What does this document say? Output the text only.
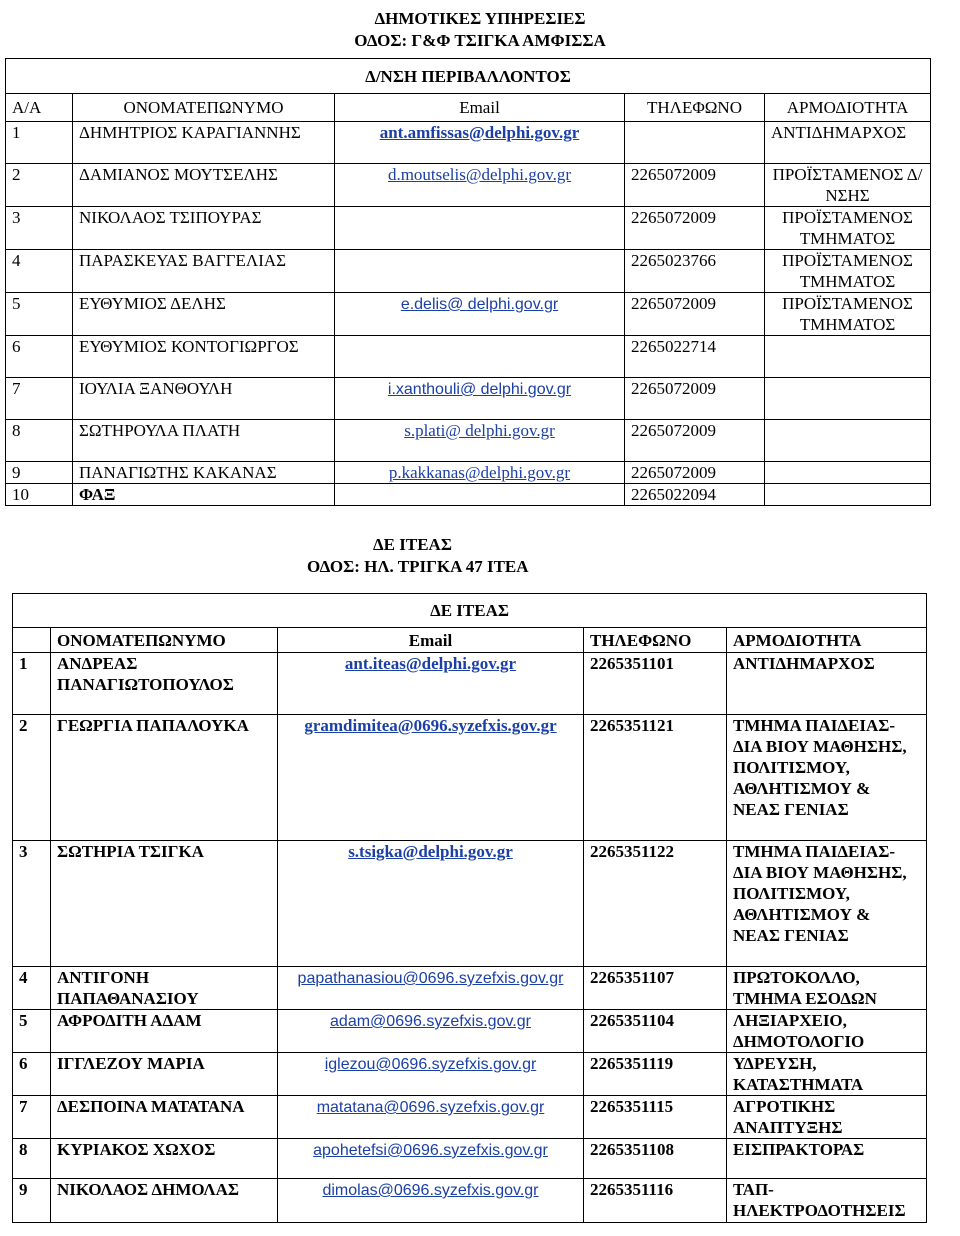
ΔΗΜΟΤΙΚΕΣ ΥΠΗΡΕΣΙΕΣ
ΟΔΟΣ: Γ&Φ ΤΣΙΓΚΑ ΑΜΦΙΣΣΑ
Δ/ΝΣΗ ΠΕΡΙΒΑΛΛΟΝΤΟΣ				
Α/Α	ΟΝΟΜΑΤΕΠΩΝΥΜΟ	Email	ΤΗΛΕΦΩΝΟ	ΑΡΜΟΔΙΟΤΗΤΑ
1	ΔΗΜΗΤΡΙΟΣ ΚΑΡΑΓΙΑΝΝΗΣ	ant.amfissas@delphi.gov.gr		ΑΝΤΙΔΗΜΑΡΧΟΣ
2	ΔΑΜΙΑΝΟΣ ΜΟΥΤΣΕΛΗΣ	d.moutselis@delphi.gov.gr	2265072009	ΠΡΟΪΣΤΑΜΕΝΟΣ Δ/ΝΣΗΣ
3	ΝΙΚΟΛΑΟΣ ΤΣΙΠΟΥΡΑΣ		2265072009	ΠΡΟΪΣΤΑΜΕΝΟΣ ΤΜΗΜΑΤΟΣ
4	ΠΑΡΑΣΚΕΥΑΣ ΒΑΓΓΕΛΙΑΣ		2265023766	ΠΡΟΪΣΤΑΜΕΝΟΣ ΤΜΗΜΑΤΟΣ
5	ΕΥΘΥΜΙΟΣ ΔΕΛΗΣ	e.delis@ delphi.gov.gr	2265072009	ΠΡΟΪΣΤΑΜΕΝΟΣ ΤΜΗΜΑΤΟΣ
6	ΕΥΘΥΜΙΟΣ ΚΟΝΤΟΓΙΩΡΓΟΣ		2265022714	
7	ΙΟΥΛΙΑ ΞΑΝΘΟΥΛΗ	i.xanthouli@ delphi.gov.gr	2265072009	
8	ΣΩΤΗΡΟΥΛΑ ΠΛΑΤΗ	s.plati@ delphi.gov.gr	2265072009	
9	ΠΑΝΑΓΙΩΤΗΣ ΚΑΚΑΝΑΣ	p.kakkanas@delphi.gov.gr	2265072009	
10	ΦΑΞ		2265022094	
ΔΕ ΙΤΕΑΣ
ΟΔΟΣ: ΗΛ. ΤΡΙΓΚΑ 47 ΙΤΕΑ
ΔΕ ΙΤΕΑΣ				
	ΟΝΟΜΑΤΕΠΩΝΥΜΟ	Email	ΤΗΛΕΦΩΝΟ	ΑΡΜΟΔΙΟΤΗΤΑ
1	ΑΝΔΡΕΑΣ ΠΑΝΑΓΙΩΤΟΠΟΥΛΟΣ	ant.iteas@delphi.gov.gr	2265351101	ΑΝΤΙΔΗΜΑΡΧΟΣ
2	ΓΕΩΡΓΙΑ ΠΑΠΑΛΟΥΚΑ	gramdimitea@0696.syzefxis.gov.gr	2265351121	ΤΜΗΜΑ ΠΑΙΔΕΙΑΣ-ΔΙΑ ΒΙΟΥ ΜΑΘΗΣΗΣ, ΠΟΛΙΤΙΣΜΟΥ, ΑΘΛΗΤΙΣΜΟΥ & ΝΕΑΣ ΓΕΝΙΑΣ
3	ΣΩΤΗΡΙΑ ΤΣΙΓΚΑ	s.tsigka@delphi.gov.gr	2265351122	ΤΜΗΜΑ ΠΑΙΔΕΙΑΣ-ΔΙΑ ΒΙΟΥ ΜΑΘΗΣΗΣ, ΠΟΛΙΤΙΣΜΟΥ, ΑΘΛΗΤΙΣΜΟΥ & ΝΕΑΣ ΓΕΝΙΑΣ
4	ΑΝΤΙΓΟΝΗ ΠΑΠΑΘΑΝΑΣΙΟΥ	papathanasiou@0696.syzefxis.gov.gr	2265351107	ΠΡΩΤΟΚΟΛΛΟ, ΤΜΗΜΑ ΕΣΟΔΩΝ
5	ΑΦΡΟΔΙΤΗ ΑΔΑΜ	adam@0696.syzefxis.gov.gr	2265351104	ΛΗΞΙΑΡΧΕΙΟ, ΔΗΜΟΤΟΛΟΓΙΟ
6	ΙΓΓΛΕΖΟΥ ΜΑΡΙΑ	iglezou@0696.syzefxis.gov.gr	2265351119	ΥΔΡΕΥΣΗ, ΚΑΤΑΣΤΗΜΑΤΑ
7	ΔΕΣΠΟΙΝΑ ΜΑΤΑΤΑΝΑ	matatana@0696.syzefxis.gov.gr	2265351115	ΑΓΡΟΤΙΚΗΣ ΑΝΑΠΤΥΞΗΣ
8	ΚΥΡΙΑΚΟΣ ΧΩΧΟΣ	apohetefsi@0696.syzefxis.gov.gr	2265351108	ΕΙΣΠΡΑΚΤΟΡΑΣ
9	ΝΙΚΟΛΑΟΣ ΔΗΜΟΛΑΣ	dimolas@0696.syzefxis.gov.gr	2265351116	ΤΑΠ-ΗΛΕΚΤΡΟΔΟΤΗΣΕΙΣ
